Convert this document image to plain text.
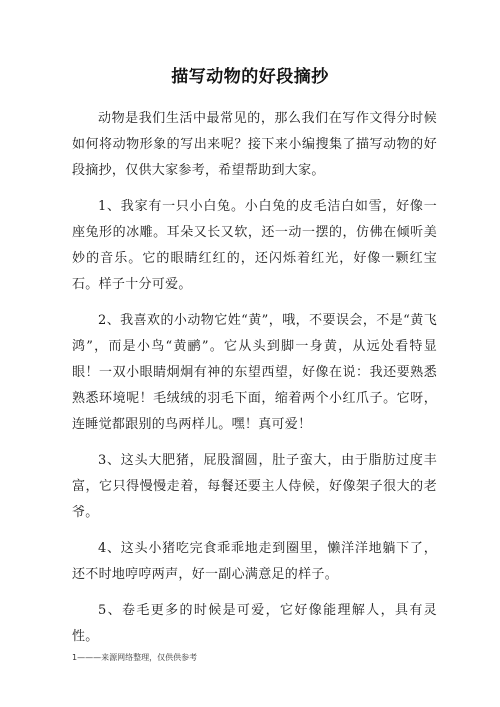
描写动物的好段摘抄

动物是我们生活中最常见的，那么我们在写作文得分时候如何将动物形象的写出来呢？接下来小编搜集了描写动物的好段摘抄，仅供大家参考，希望帮助到大家。

1、我家有一只小白兔。小白兔的皮毛洁白如雪，好像一座兔形的冰雕。耳朵又长又软，还一动一摆的，仿佛在倾听美妙的音乐。它的眼睛红红的，还闪烁着红光，好像一颗红宝石。样子十分可爱。

2、我喜欢的小动物它姓“黄”，哦，不要误会，不是“黄飞鸿”，而是小鸟“黄鹂”。它从头到脚一身黄，从远处看特显眼！一双小眼睛炯炯有神的东望西望，好像在说：我还要熟悉熟悉环境呢！毛绒绒的羽毛下面，缩着两个小红爪子。它呀，连睡觉都跟别的鸟两样儿。嘿！真可爱！

3、这头大肥猪，屁股溜圆，肚子蛮大，由于脂肪过度丰富，它只得慢慢走着，每餐还要主人侍候，好像架子很大的老爷。

4、这头小猪吃完食乖乖地走到圈里，懒洋洋地躺下了，还不时地哼哼两声，好一副心满意足的样子。

5、卷毛更多的时候是可爱，它好像能理解人，具有灵性。

1———来源网络整理，仅供供参考
